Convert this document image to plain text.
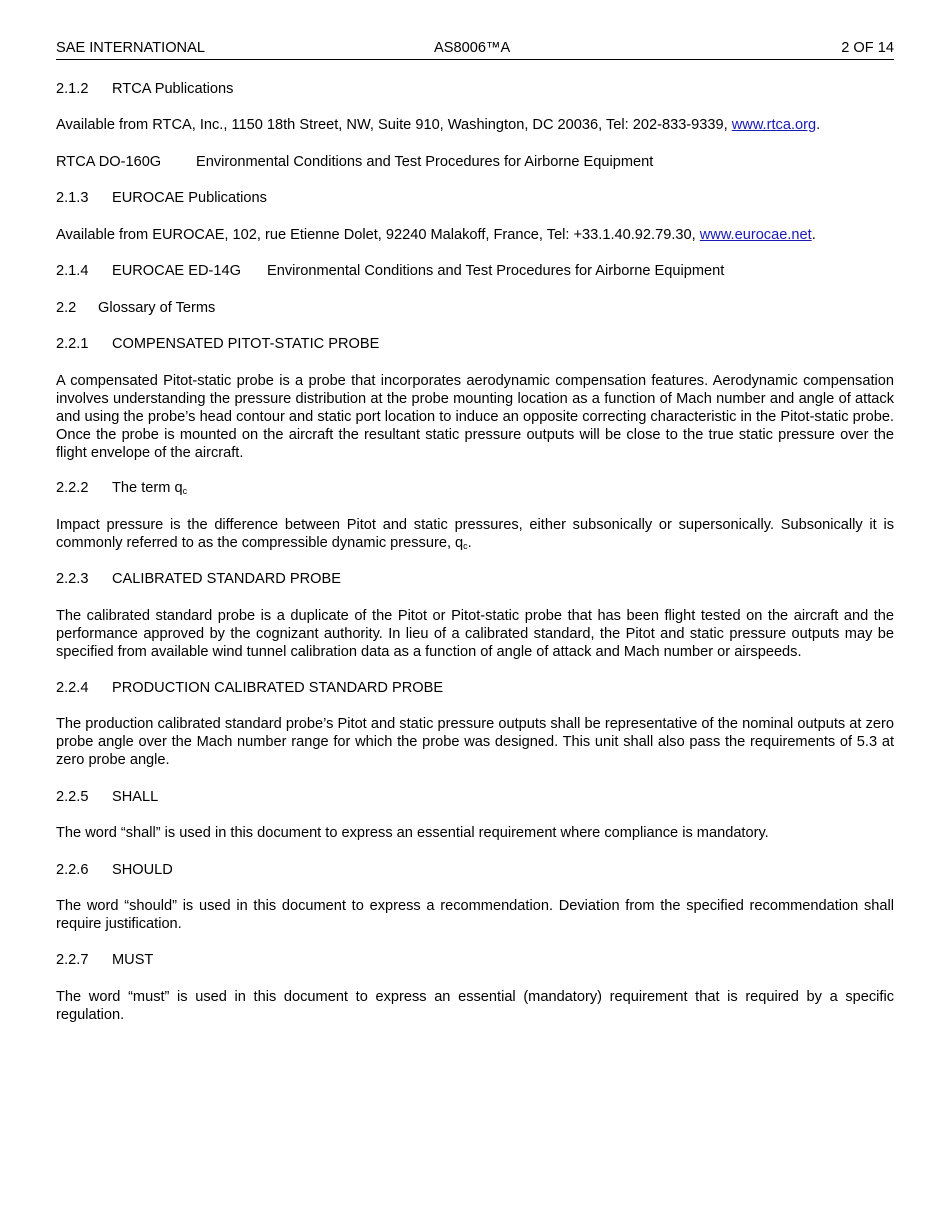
SAE INTERNATIONAL	AS8006™A	2 OF 14
2.1.2 RTCA Publications
Available from RTCA, Inc., 1150 18th Street, NW, Suite 910, Washington, DC 20036, Tel: 202-833-9339, www.rtca.org.
RTCA DO-160G Environmental Conditions and Test Procedures for Airborne Equipment
2.1.3 EUROCAE Publications
Available from EUROCAE, 102, rue Etienne Dolet, 92240 Malakoff, France, Tel: +33.1.40.92.79.30, www.eurocae.net.
2.1.4 EUROCAE ED-14G Environmental Conditions and Test Procedures for Airborne Equipment
2.2 Glossary of Terms
2.2.1 COMPENSATED PITOT-STATIC PROBE
A compensated Pitot-static probe is a probe that incorporates aerodynamic compensation features. Aerodynamic compensation involves understanding the pressure distribution at the probe mounting location as a function of Mach number and angle of attack and using the probe’s head contour and static port location to induce an opposite correcting characteristic in the Pitot-static probe. Once the probe is mounted on the aircraft the resultant static pressure outputs will be close to the true static pressure over the flight envelope of the aircraft.
2.2.2 The term $q_c$
Impact pressure is the difference between Pitot and static pressures, either subsonically or supersonically. Subsonically it is commonly referred to as the compressible dynamic pressure, $q_c$.
2.2.3 CALIBRATED STANDARD PROBE
The calibrated standard probe is a duplicate of the Pitot or Pitot-static probe that has been flight tested on the aircraft and the performance approved by the cognizant authority. In lieu of a calibrated standard, the Pitot and static pressure outputs may be specified from available wind tunnel calibration data as a function of angle of attack and Mach number or airspeeds.
2.2.4 PRODUCTION CALIBRATED STANDARD PROBE
The production calibrated standard probe’s Pitot and static pressure outputs shall be representative of the nominal outputs at zero probe angle over the Mach number range for which the probe was designed. This unit shall also pass the requirements of 5.3 at zero probe angle.
2.2.5 SHALL
The word “shall” is used in this document to express an essential requirement where compliance is mandatory.
2.2.6 SHOULD
The word “should” is used in this document to express a recommendation. Deviation from the specified recommendation shall require justification.
2.2.7 MUST
The word “must” is used in this document to express an essential (mandatory) requirement that is required by a specific regulation.
